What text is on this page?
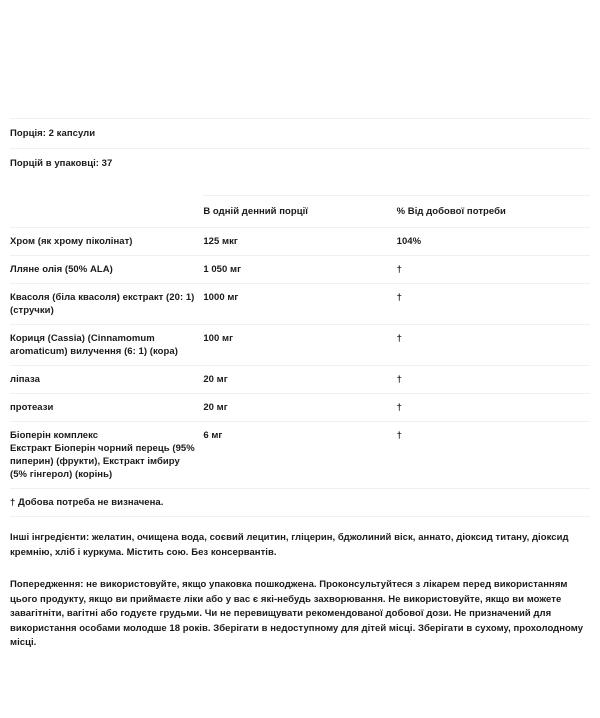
Порція: 2 капсули		
Порцій в упаковці: 37		

	В одній денний порції	% Від добової потреби
Хром (як хрому піколінат)	125 мкг	104%
Лляне олія (50% ALA)	1 050 мг	†
Квасоля (біла квасоля) екстракт (20: 1) (стручки)	1000 мг	†
Кориця (Cassia) (Cinnamomum aromaticum) вилучення (6: 1) (кора)	100 мг	†
ліпаза	20 мг	†
протеази	20 мг	†

Біоперін комплекс
Екстракт Біоперін чорний перець (95% пиперин) (фрукти), Екстракт імбиру (5% гінгерол) (корінь)	6 мг	†
† Добова потреба не визначена.		

Інші інгредієнти: желатин, очищена вода, соєвий лецитин, гліцерин, бджолиний віск, аннато, діоксид титану, діоксид кремнію, хліб і куркума. Містить сою. Без консервантів.

Попередження: не використовуйте, якщо упаковка пошкоджена. Проконсультуйтеся з лікарем перед використанням цього продукту, якщо ви приймаєте ліки або у вас є які-небудь захворювання. Не використовуйте, якщо ви можете завагітніти, вагітні або годуєте грудьми. Чи не перевищувати рекомендованої добової дози. Не призначений для використання особами молодше 18 років. Зберігати в недоступному для дітей місці. Зберігати в сухому, прохолодному місці.
